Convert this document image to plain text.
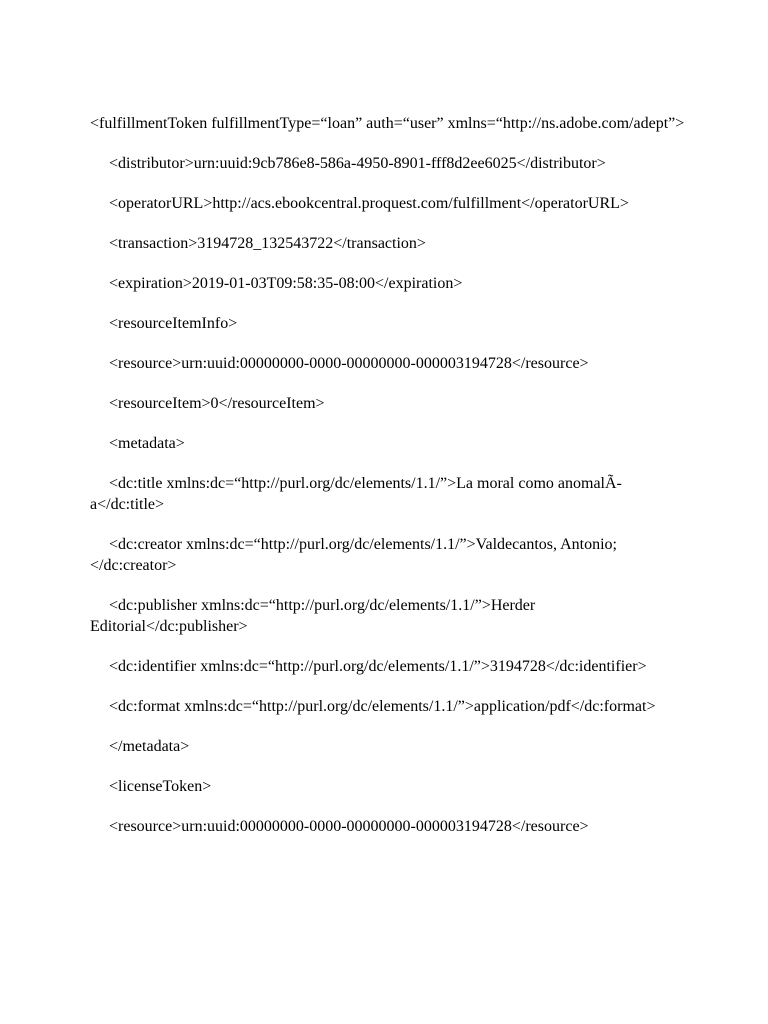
<fulfillmentToken fulfillmentType=“loan” auth=“user” xmlns=“http://ns.adobe.com/adept”>

<distributor>urn:uuid:9cb786e8-586a-4950-8901-fff8d2ee6025</distributor>

<operatorURL>http://acs.ebookcentral.proquest.com/fulfillment</operatorURL>

<transaction>3194728_132543722</transaction>

<expiration>2019-01-03T09:58:35-08:00</expiration>

<resourceItemInfo>

<resource>urn:uuid:00000000-0000-00000000-000003194728</resource>

<resourceItem>0</resourceItem>

<metadata>

<dc:title xmlns:dc=“http://purl.org/dc/elements/1.1/”>La moral como anomalÃa</dc:title>

<dc:creator xmlns:dc=“http://purl.org/dc/elements/1.1/”>Valdecantos, Antonio; </dc:creator>

<dc:publisher xmlns:dc=“http://purl.org/dc/elements/1.1/”>Herder Editorial</dc:publisher>

<dc:identifier xmlns:dc=“http://purl.org/dc/elements/1.1/”>3194728</dc:identifier>

<dc:format xmlns:dc=“http://purl.org/dc/elements/1.1/”>application/pdf</dc:format>

</metadata>

<licenseToken>

<resource>urn:uuid:00000000-0000-00000000-000003194728</resource>
